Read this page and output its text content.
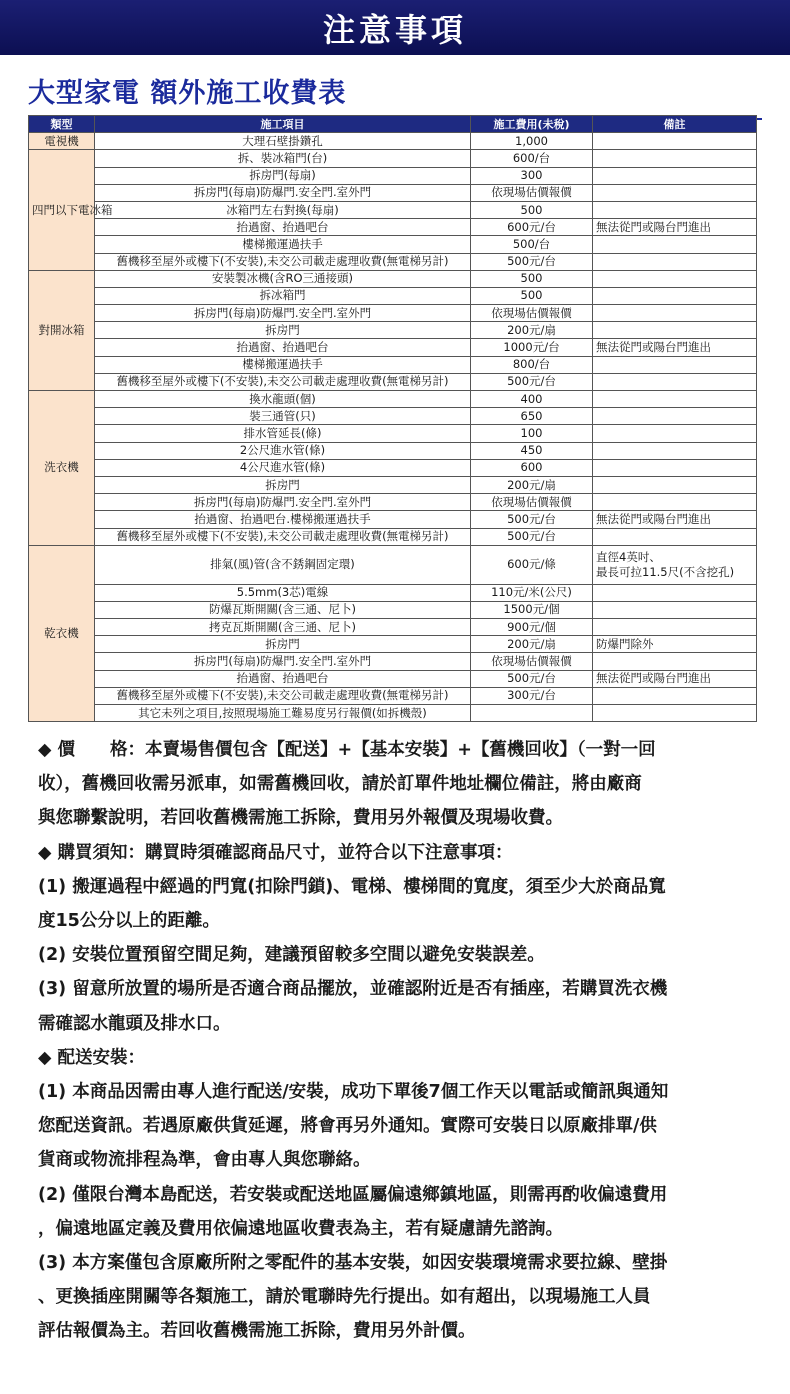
注意事項
大型家電 額外施工收費表
類型	施工項目	施工費用(未稅)	備註
電視機	大理石壁掛鑽孔	1,000	
四門以下電冰箱	拆、裝冰箱門(台)	600/台	
	拆房門(每扇)	300	
	拆房門(每扇)防爆門.安全門.室外門	依現場估價報價	
	冰箱門左右對換(每扇)	500	
	抬過窗、抬過吧台	600元/台	無法從門或陽台門進出
	樓梯搬運過扶手	500/台	
	舊機移至屋外或樓下(不安裝),未交公司載走處理收費(無電梯另計)	500元/台	
對開冰箱	安裝製冰機(含RO三通接頭)	500	
	拆冰箱門	500	
	拆房門(每扇)防爆門.安全門.室外門	依現場估價報價	
	拆房門	200元/扇	
	抬過窗、抬過吧台	1000元/台	無法從門或陽台門進出
	樓梯搬運過扶手	800/台	
	舊機移至屋外或樓下(不安裝),未交公司載走處理收費(無電梯另計)	500元/台	
洗衣機	換水龍頭(個)	400	
	裝三通管(只)	650	
	排水管延長(條)	100	
	2公尺進水管(條)	450	
	4公尺進水管(條)	600	
	拆房門	200元/扇	
	拆房門(每扇)防爆門.安全門.室外門	依現場估價報價	
	抬過窗、抬過吧台.樓梯搬運過扶手	500元/台	無法從門或陽台門進出
	舊機移至屋外或樓下(不安裝),未交公司載走處理收費(無電梯另計)	500元/台	
乾衣機	排氣(風)管(含不銹鋼固定環)	600元/條	直徑4英吋、
最長可拉11.5尺(不含挖孔)
	5.5mm(3芯)電線	110元/米(公尺)	
	防爆瓦斯開關(含三通、尼卜)	1500元/個	
	拷克瓦斯開關(含三通、尼卜)	900元/個	
	拆房門	200元/扇	防爆門除外
	拆房門(每扇)防爆門.安全門.室外門	依現場估價報價	
	抬過窗、抬過吧台	500元/台	無法從門或陽台門進出
	舊機移至屋外或樓下(不安裝),未交公司載走處理收費(無電梯另計)	300元/台	
	其它未列之項目,按照現場施工難易度另行報價(如拆機殼)		

◆ 價　　格：本賣場售價包含【配送】+【基本安裝】+【舊機回收】（一對一回

收），舊機回收需另派車，如需舊機回收，請於訂單件地址欄位備註，將由廠商

與您聯繫說明，若回收舊機需施工拆除，費用另外報價及現場收費。

◆ 購買須知：購買時須確認商品尺寸，並符合以下注意事項：

(1) 搬運過程中經過的門寬(扣除門鎖)、電梯、樓梯間的寬度，須至少大於商品寬

度15公分以上的距離。

(2) 安裝位置預留空間足夠，建議預留較多空間以避免安裝誤差。

(3) 留意所放置的場所是否適合商品擺放，並確認附近是否有插座，若購買洗衣機

需確認水龍頭及排水口。

◆ 配送安裝：

(1) 本商品因需由專人進行配送/安裝，成功下單後7個工作天以電話或簡訊與通知

您配送資訊。若遇原廠供貨延遲，將會再另外通知。實際可安裝日以原廠排單/供

貨商或物流排程為準，會由專人與您聯絡。

(2) 僅限台灣本島配送，若安裝或配送地區屬偏遠鄉鎮地區，則需再酌收偏遠費用

，偏遠地區定義及費用依偏遠地區收費表為主，若有疑慮請先諮詢。

(3) 本方案僅包含原廠所附之零配件的基本安裝，如因安裝環境需求要拉線、壁掛

、更換插座開關等各類施工，請於電聯時先行提出。如有超出，以現場施工人員

評估報價為主。若回收舊機需施工拆除，費用另外計價。
